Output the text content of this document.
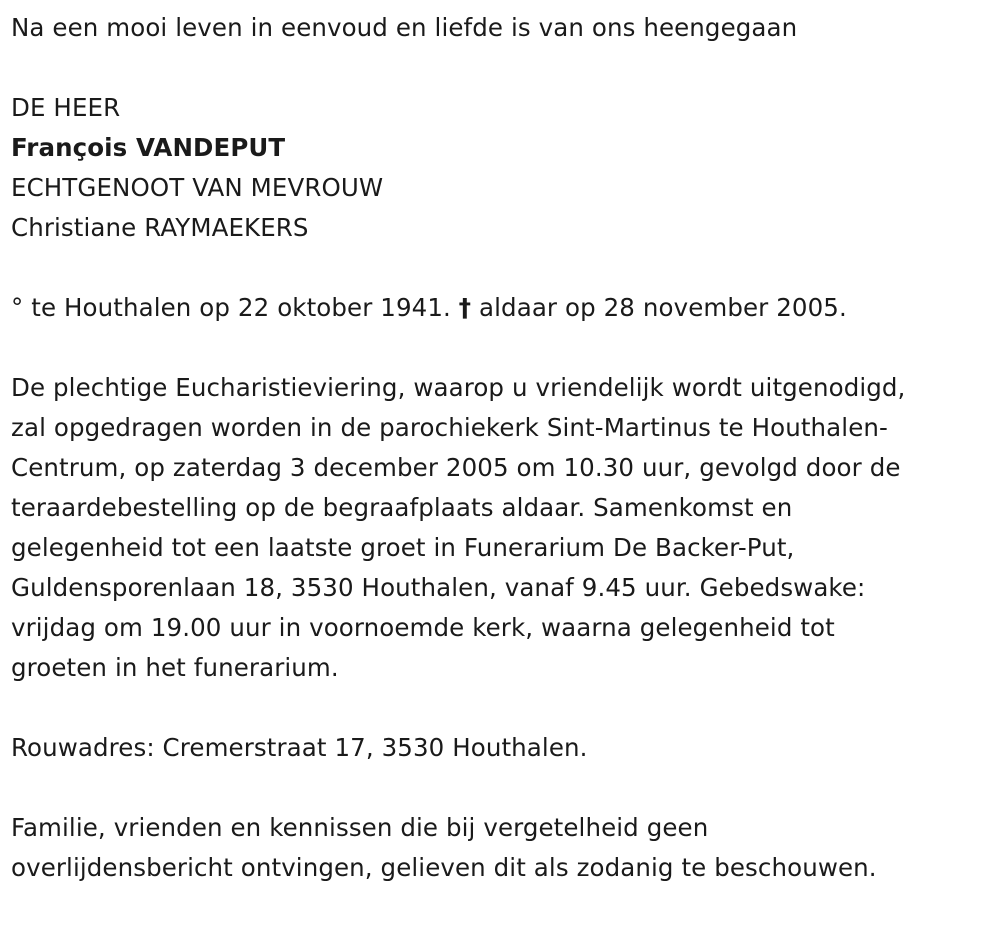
Na een mooi leven in eenvoud en liefde is van ons heengegaan

DE HEER

François VANDEPUT

ECHTGENOOT VAN MEVROUW

Christiane RAYMAEKERS

° te Houthalen op 22 oktober 1941. † aldaar op 28 november 2005.

De plechtige Eucharistieviering, waarop u vriendelijk wordt uitgenodigd,

zal opgedragen worden in de parochiekerk Sint-Martinus te Houthalen-

Centrum, op zaterdag 3 december 2005 om 10.30 uur, gevolgd door de

teraardebestelling op de begraafplaats aldaar. Samenkomst en

gelegenheid tot een laatste groet in Funerarium De Backer-Put,

Guldensporenlaan 18, 3530 Houthalen, vanaf 9.45 uur. Gebedswake:

vrijdag om 19.00 uur in voornoemde kerk, waarna gelegenheid tot

groeten in het funerarium.

Rouwadres: Cremerstraat 17, 3530 Houthalen.

Familie, vrienden en kennissen die bij vergetelheid geen

overlijdensbericht ontvingen, gelieven dit als zodanig te beschouwen.
